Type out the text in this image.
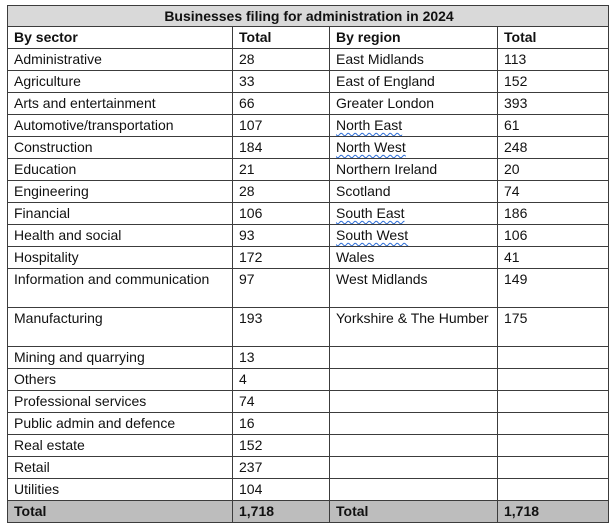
Businesses filing for administration in 2024			
By sector	Total	By region	Total
Administrative	28	East Midlands	113
Agriculture	33	East of England	152
Arts and entertainment	66	Greater London	393
Automotive/transportation	107	North East	61
Construction	184	North West	248
Education	21	Northern Ireland	20
Engineering	28	Scotland	74
Financial	106	South East	186
Health and social	93	South West	106
Hospitality	172	Wales	41
Information and communication	97	West Midlands	149
Manufacturing	193	Yorkshire & The Humber	175
Mining and quarrying	13		
Others	4		
Professional services	74		
Public admin and defence	16		
Real estate	152		
Retail	237		
Utilities	104		
Total	1,718	Total	1,718
